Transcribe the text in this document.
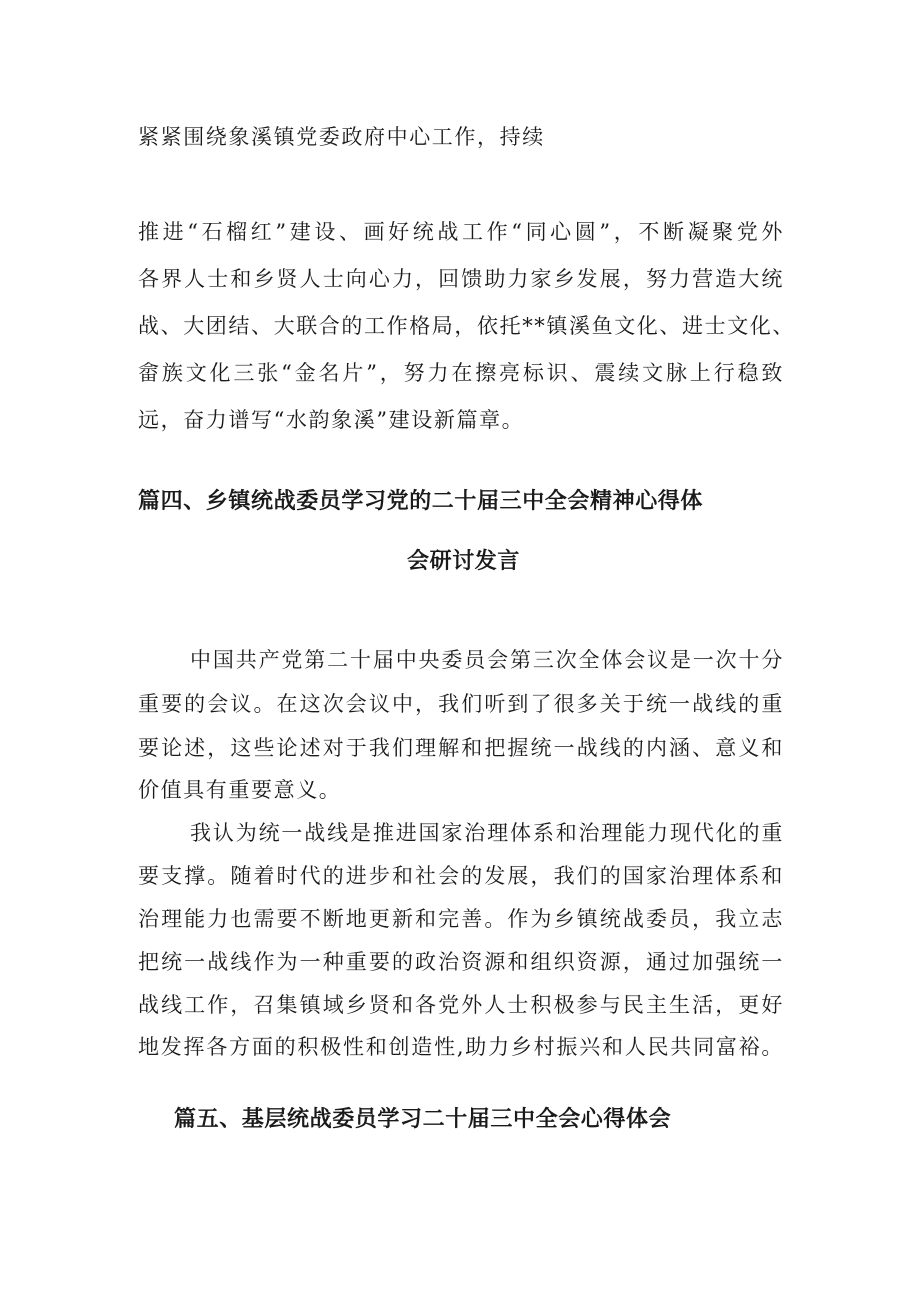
紧紧围绕象溪镇党委政府中心工作，持续
推进“石榴红”建设、画好统战工作“同心圆”，不断凝聚党外
各界人士和乡贤人士向心力，回馈助力家乡发展，努力营造大统
战、大团结、大联合的工作格局，依托**镇溪鱼文化、进士文化、
畲族文化三张“金名片”，努力在擦亮标识、震续文脉上行稳致
远，奋力谱写“水韵象溪”建设新篇章。
篇四、乡镇统战委员学习党的二十届三中全会精神心得体
会研讨发言
中国共产党第二十届中央委员会第三次全体会议是一次十分
重要的会议。在这次会议中，我们听到了很多关于统一战线的重
要论述，这些论述对于我们理解和把握统一战线的内涵、意义和
价值具有重要意义。
我认为统一战线是推进国家治理体系和治理能力现代化的重
要支撑。随着时代的进步和社会的发展，我们的国家治理体系和
治理能力也需要不断地更新和完善。作为乡镇统战委员，我立志
把统一战线作为一种重要的政治资源和组织资源，通过加强统一
战线工作，召集镇域乡贤和各党外人士积极参与民主生活，更好
地发挥各方面的积极性和创造性,助力乡村振兴和人民共同富裕。
篇五、基层统战委员学习二十届三中全会心得体会
